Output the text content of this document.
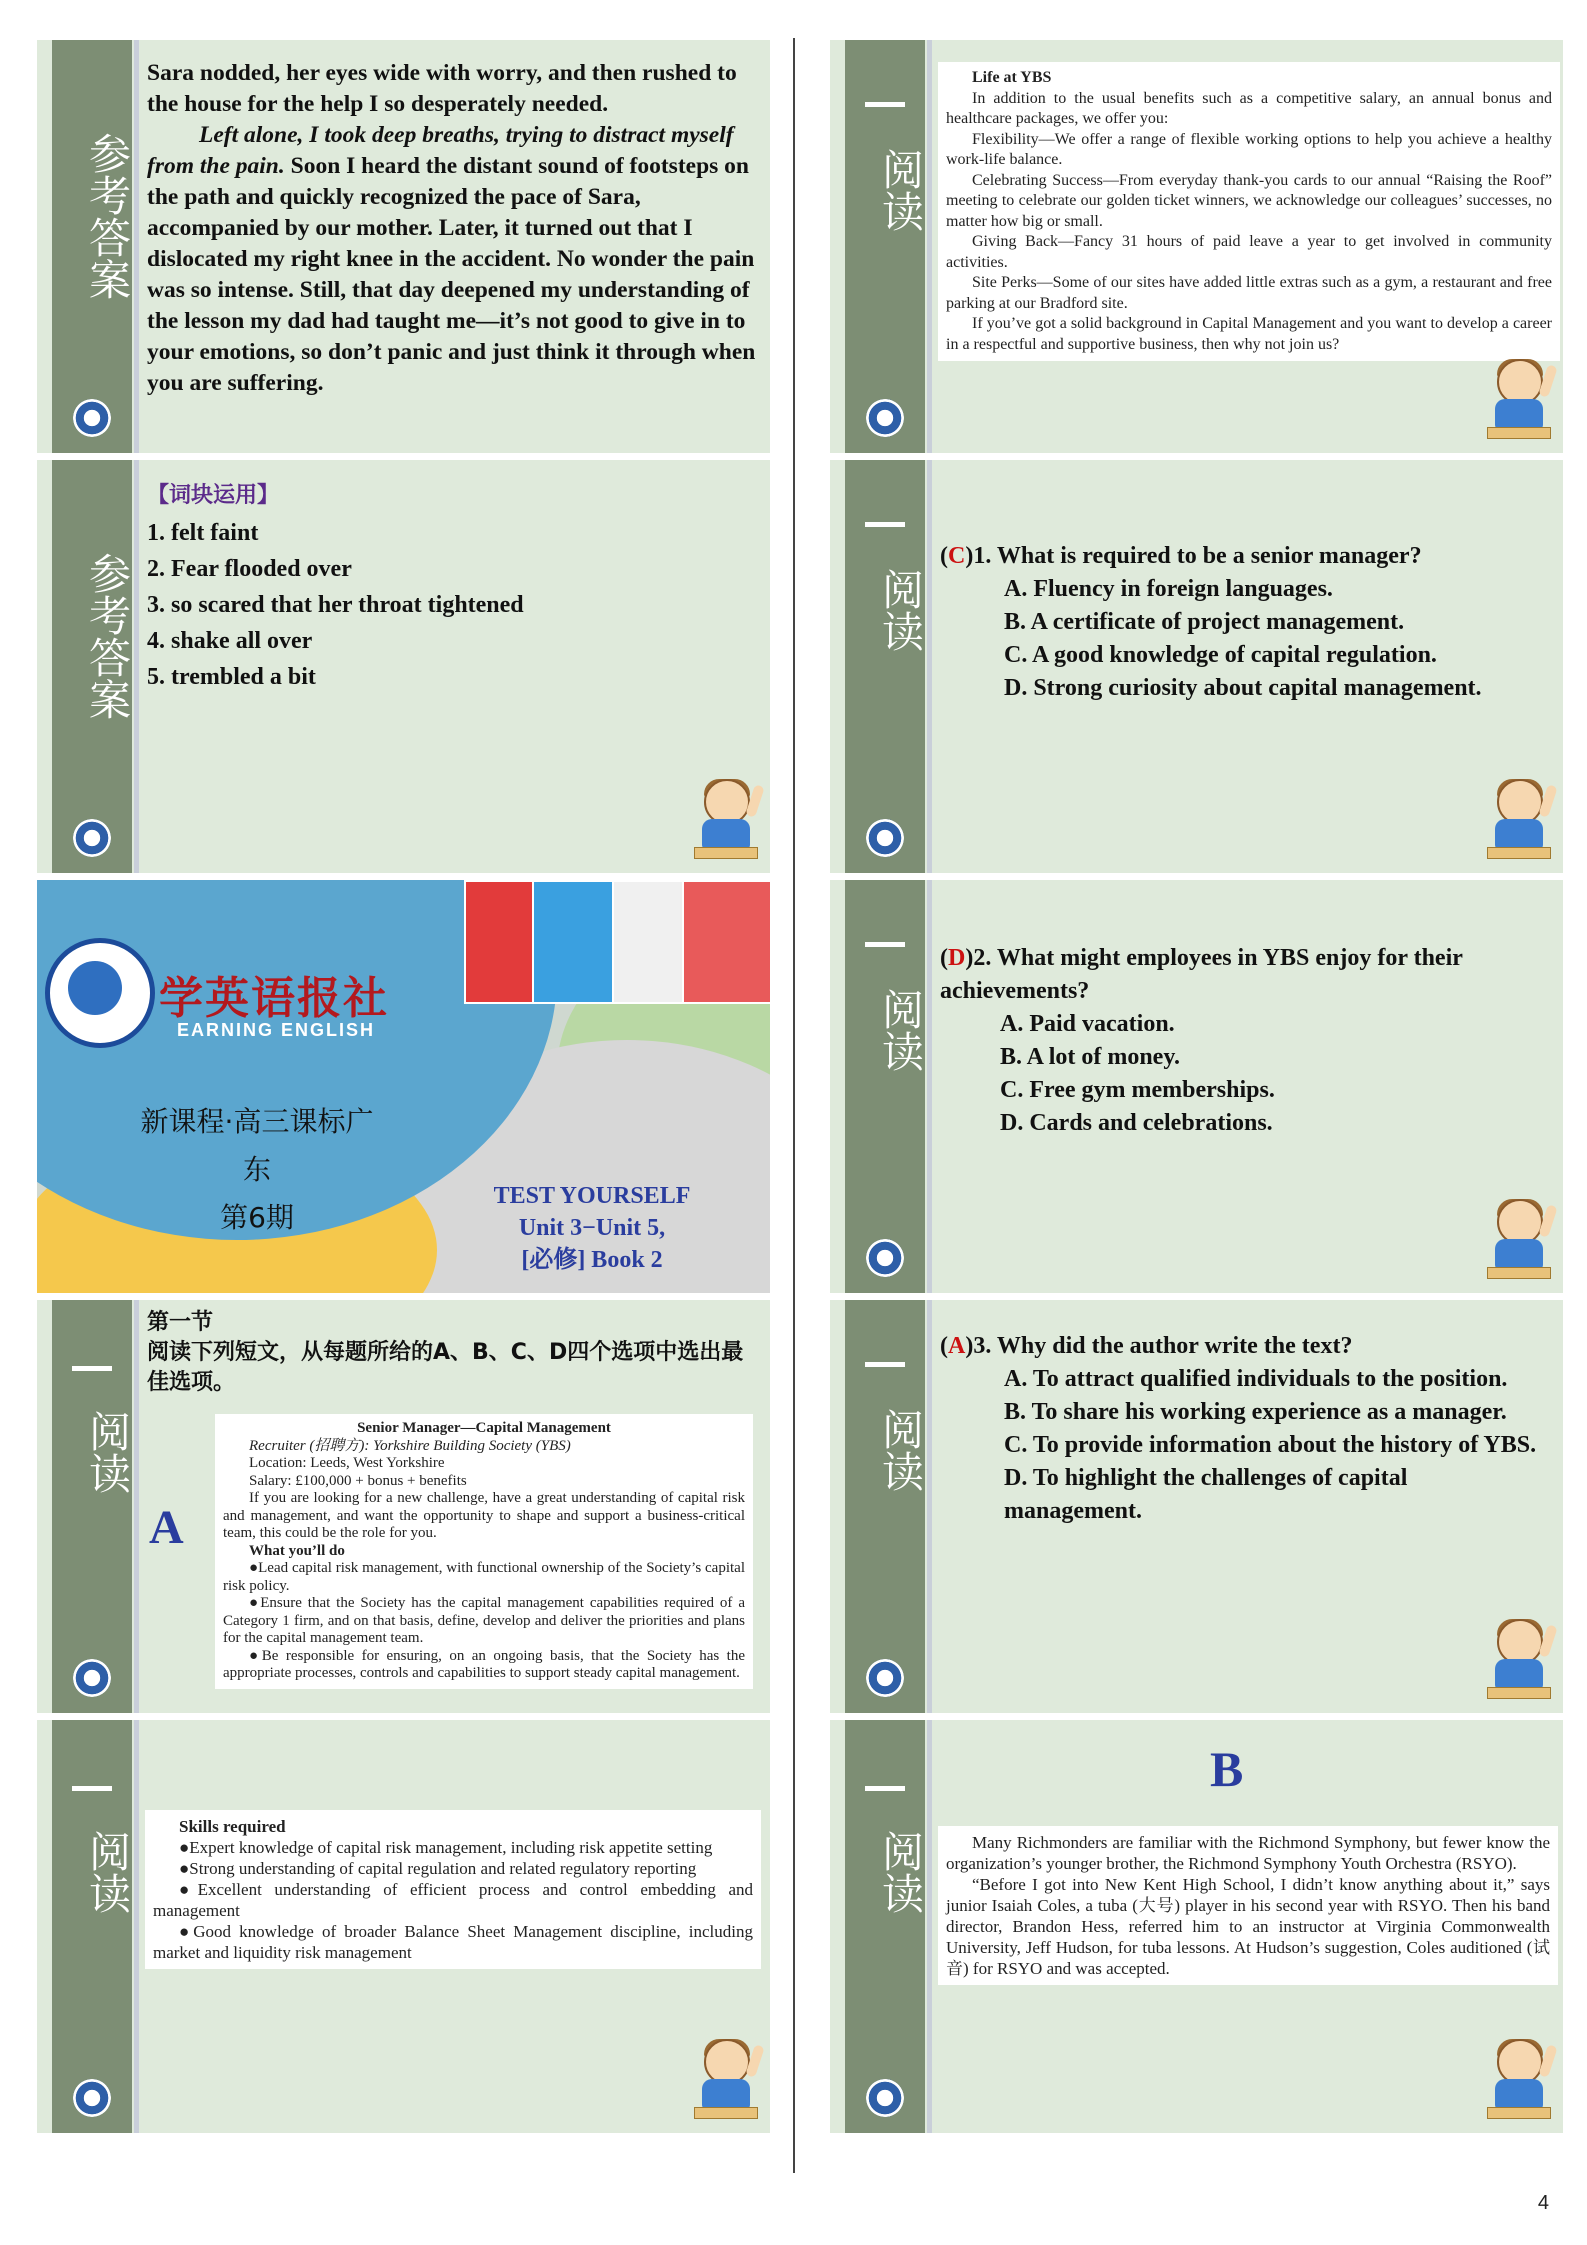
参考答案
Sara nodded, her eyes wide with worry, and then rushed to the house for the help I so desperately needed.
Left alone, I took deep breaths, trying to distract myself from the pain. Soon I heard the distant sound of footsteps on the path and quickly recognized the pace of Sara, accompanied by our mother. Later, it turned out that I dislocated my right knee in the accident. No wonder the pain was so intense. Still, that day deepened my understanding of the lesson my dad had taught me—it’s not good to give in to your emotions, so don’t panic and just think it through when you are suffering.
参考答案
【词块运用】
1. felt faint
2. Fear flooded over
3. so scared that her throat tightened
4. shake all over
5. trembled a bit
学英语报社
EARNING ENGLISH
新课程·高三课标广东
第6期
TEST YOURSELF
Unit 3−Unit 5,
[必修] Book 2
阅读
第一节
阅读下列短文，从每题所给的A、B、C、D四个选项中选出最佳选项。
A

Senior Manager—Capital Management

Recruiter (招聘方): Yorkshire Building Society (YBS)

Location: Leeds, West Yorkshire

Salary: £100,000 + bonus + benefits

If you are looking for a new challenge, have a great understanding of capital risk and management, and want the opportunity to shape and support a business-critical team, this could be the role for you.

What you’ll do

●Lead capital risk management, with functional ownership of the Society’s capital risk policy.

●Ensure that the Society has the capital management capabilities required of a Category 1 firm, and on that basis, define, develop and deliver the priorities and plans for the capital management team.

●Be responsible for ensuring, on an ongoing basis, that the Society has the appropriate processes, controls and capabilities to support steady capital management.

阅读

Skills required

●Expert knowledge of capital risk management, including risk appetite setting

●Strong understanding of capital regulation and related regulatory reporting

●Excellent understanding of efficient process and control embedding and management

●Good knowledge of broader Balance Sheet Management discipline, including market and liquidity risk management

阅读

Life at YBS

In addition to the usual benefits such as a competitive salary, an annual bonus and healthcare packages, we offer you:

Flexibility—We offer a range of flexible working options to help you achieve a healthy work-life balance.

Celebrating Success—From everyday thank-you cards to our annual “Raising the Roof” meeting to celebrate our golden ticket winners, we acknowledge our colleagues’ successes, no matter how big or small.

Giving Back—Fancy 31 hours of paid leave a year to get involved in community activities.

Site Perks—Some of our sites have added little extras such as a gym, a restaurant and free parking at our Bradford site.

If you’ve got a solid background in Capital Management and you want to develop a career in a respectful and supportive business, then why not join us?

阅读
(C)1. What is required to be a senior manager?
A. Fluency in foreign languages.
B. A certificate of project management.
C. A good knowledge of capital regulation.
D. Strong curiosity about capital management.
阅读
(D)2. What might employees in YBS enjoy for their achievements?
A. Paid vacation.
B. A lot of money.
C. Free gym memberships.
D. Cards and celebrations.
阅读
(A)3. Why did the author write the text?
A. To attract qualified individuals to the position.
B. To share his working experience as a manager.
C. To provide information about the history of YBS.
D. To highlight the challenges of capital management.
阅读
B

Many Richmonders are familiar with the Richmond Symphony, but fewer know the organization’s younger brother, the Richmond Symphony Youth Orchestra (RSYO).

“Before I got into New Kent High School, I didn’t know anything about it,” says junior Isaiah Coles, a tuba (大号) player in his second year with RSYO. Then his band director, Brandon Hess, referred him to an instructor at Virginia Commonwealth University, Jeff Hudson, for tuba lessons. At Hudson’s suggestion, Coles auditioned (试音) for RSYO and was accepted.

4
